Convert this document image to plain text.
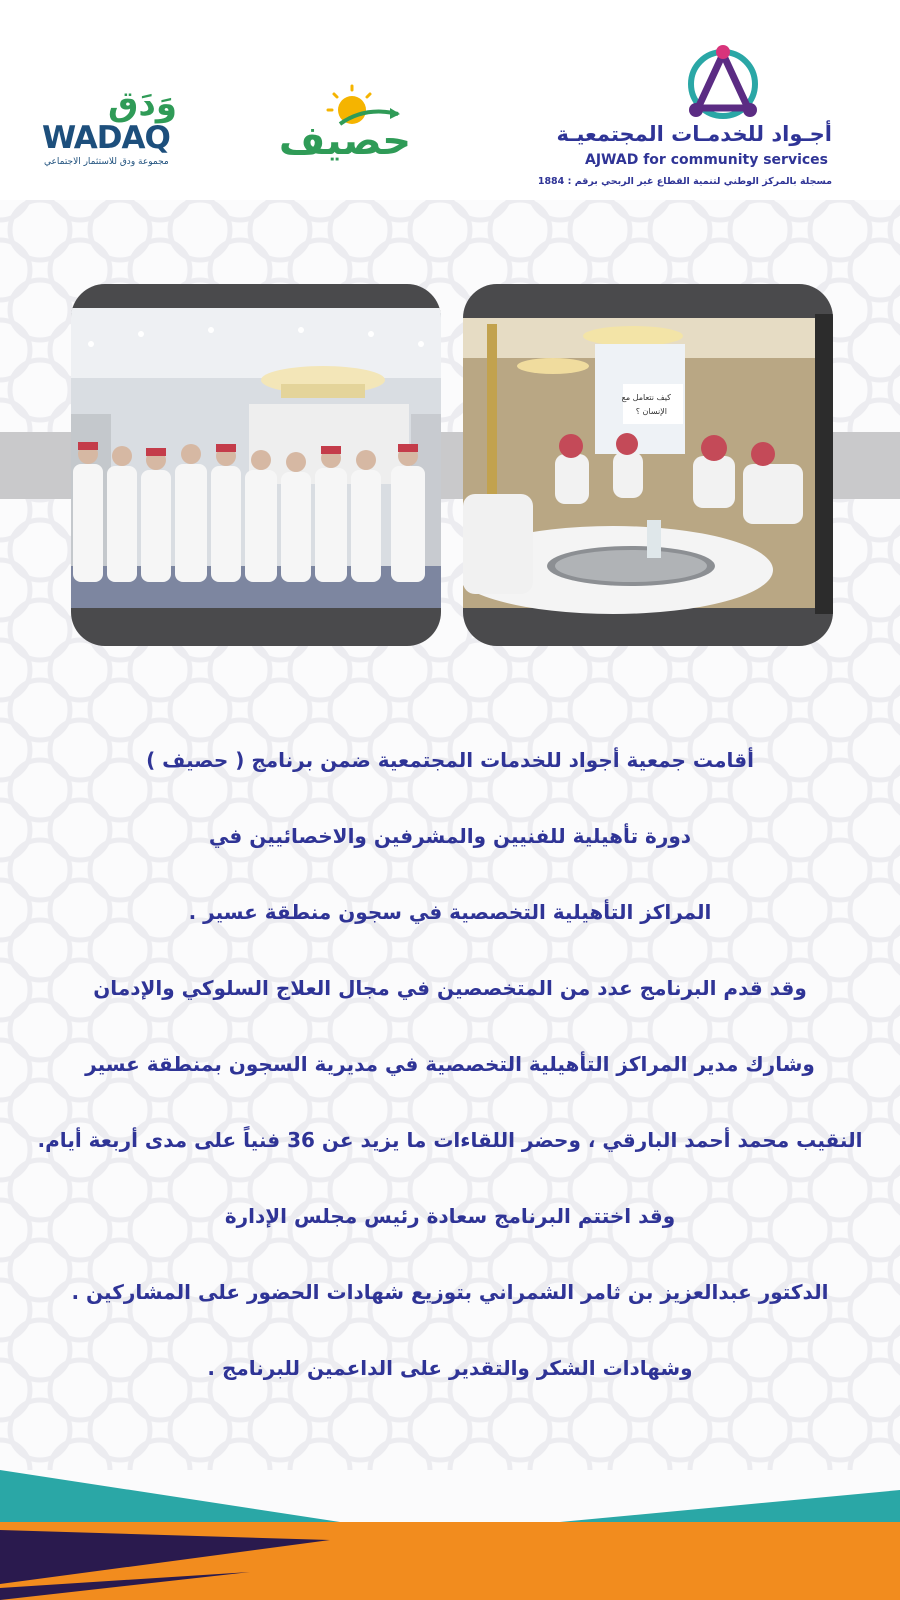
وَدَق
WADAQ
مجموعة ودق للاستثمار الاجتماعي	حصيف	أجـواد للخدمـات المجتمعيـة
AJWAD for community services
مسجلة بالمركز الوطني لتنمية القطاع غير الربحي برقم : 1884
كيف نتعامل مع
الإنسان ؟

أقامت جمعية أجواد للخدمات المجتمعية ضمن برنامج ( حصيف )

دورة تأهيلية للفنيين والمشرفين والاخصائيين في

المراكز التأهيلية التخصصية في سجون منطقة عسير .

وقد قدم البرنامج عدد من المتخصصين في مجال العلاج السلوكي والإدمان

وشارك مدير المراكز التأهيلية التخصصية في مديرية السجون بمنطقة عسير

النقيب محمد أحمد البارقي ، وحضر اللقاءات ما يزيد عن 36 فنياً على مدى أربعة أيام.

وقد اختتم البرنامج سعادة رئيس مجلس الإدارة

الدكتور عبدالعزيز بن ثامر الشمراني بتوزيع شهادات الحضور على المشاركين .

وشهادات الشكر والتقدير على الداعمين للبرنامج .
